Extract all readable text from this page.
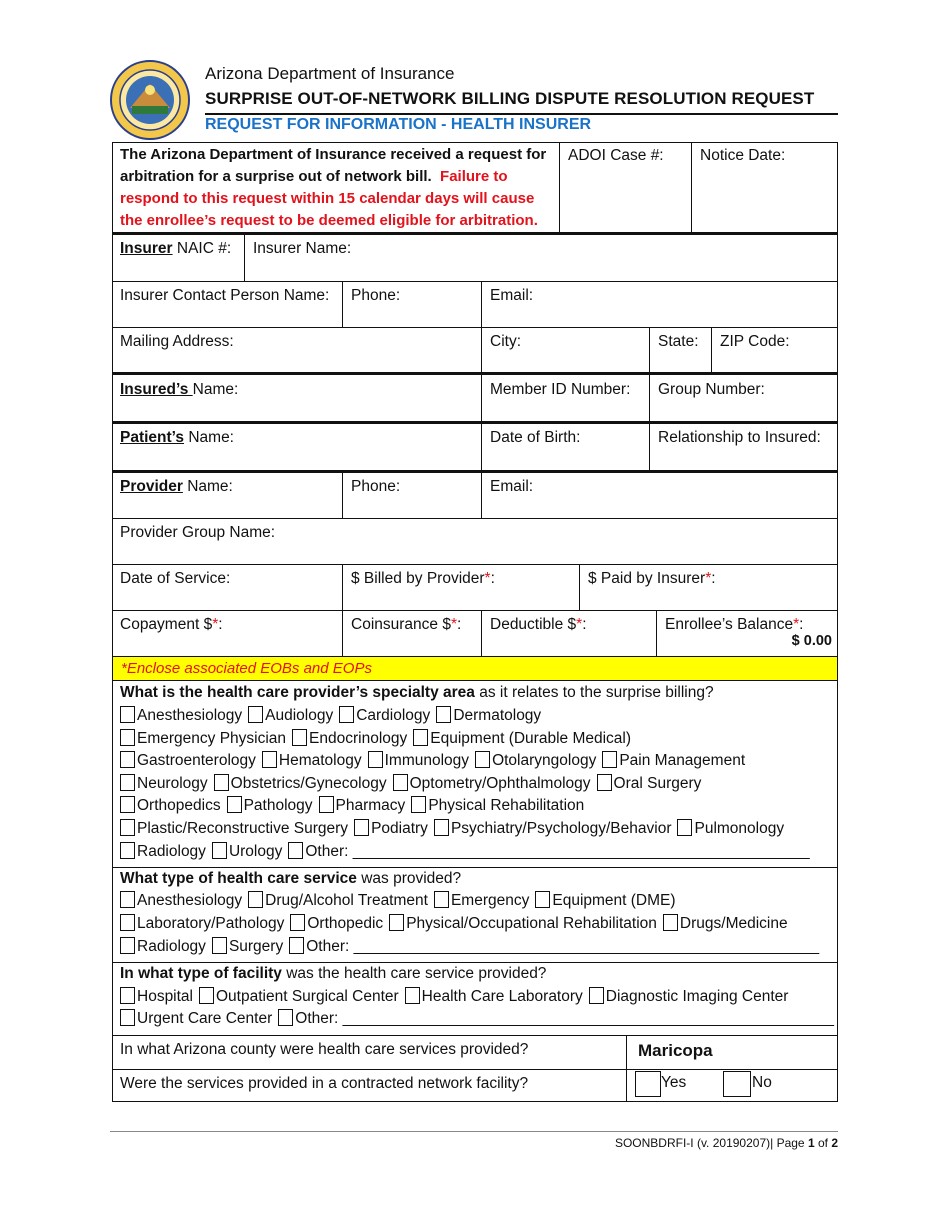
Arizona Department of Insurance
SURPRISE OUT-OF-NETWORK BILLING DISPUTE RESOLUTION REQUEST
REQUEST FOR INFORMATION - HEALTH INSURER
The Arizona Department of Insurance received a request for
arbitration for a surprise out of network bill. Failure to
respond to this request within 15 calendar days will cause
the enrollee’s request to be deemed eligible for arbitration.
ADOI Case #:	Notice Date:
Insurer NAIC #:	Insurer Name:
Insurer Contact Person Name:	Phone:	Email:
Mailing Address:	City:	State:	ZIP Code:
Insured’s Name:	Member ID Number:	Group Number:
Patient’s Name:	Date of Birth:	Relationship to Insured:
Provider Name:	Phone:	Email:
Provider Group Name:
Date of Service:	$ Billed by Provider*:	$ Paid by Insurer*:
Copayment $*:	Coinsurance $*:	Deductible $*:	Enrollee’s Balance*:
$ 0.00
*Enclose associated EOBs and EOPs
What is the health care provider’s specialty area as it relates to the surprise billing?
Anesthesiology Audiology Cardiology Dermatology
Emergency Physician Endocrinology Equipment (Durable Medical)
Gastroenterology Hematology Immunology Otolaryngology Pain Management
Neurology Obstetrics/Gynecology Optometry/Ophthalmology Oral Surgery
Orthopedics Pathology Pharmacy Physical Rehabilitation
Plastic/Reconstructive Surgery Podiatry Psychiatry/Psychology/Behavior Pulmonology
Radiology Urology Other: _____________________________________________________
What type of health care service was provided?
Anesthesiology Drug/Alcohol Treatment Emergency Equipment (DME)
Laboratory/Pathology Orthopedic Physical/Occupational Rehabilitation Drugs/Medicine
Radiology Surgery Other: ______________________________________________________
In what type of facility was the health care service provided?
Hospital Outpatient Surgical Center Health Care Laboratory Diagnostic Imaging Center
Urgent Care Center Other: _________________________________________________________
In what Arizona county were health care services provided?	Maricopa
Were the services provided in a contracted network facility?	Yes	No
SOONBDRFI-I (v. 20190207)| Page 1 of 2
